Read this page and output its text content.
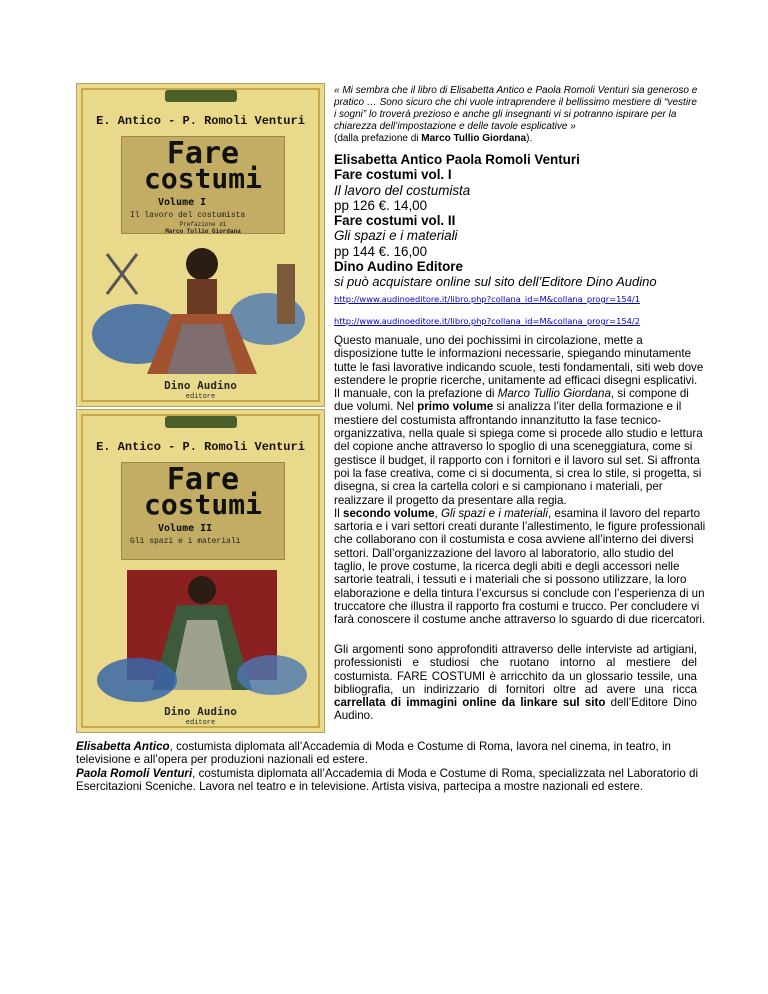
E. Antico - P. Romoli Venturi
Fare
costumi
Volume I
Il lavoro del costumista
Prefazione di
Marco Tullio Giordana
Dino Audino
editore
E. Antico - P. Romoli Venturi
Fare
costumi
Volume II
Gli spazi e i materiali
Dino Audino
editore
« Mi sembra che il libro di Elisabetta Antico e Paola Romoli Venturi sia generoso e pratico … Sono sicuro che chi vuole intraprendere il bellissimo mestiere di “vestire i sogni” lo troverà prezioso e anche gli insegnanti vi si potranno ispirare per la chiarezza dell’impostazione e delle tavole esplicative »
(dalla prefazione di Marco Tullio Giordana).
Elisabetta Antico Paola Romoli Venturi
Fare costumi vol. I
Il lavoro del costumista
pp 126 €. 14,00
Fare costumi vol. II
Gli spazi e i materiali
pp 144 €. 16,00
Dino Audino Editore
si può acquistare online sul sito dell’Editore Dino Audino
http://www.audinoeditore.it/libro.php?collana_id=M&collana_progr=154/1
http://www.audinoeditore.it/libro.php?collana_id=M&collana_progr=154/2
Questo manuale, uno dei pochissimi in circolazione, mette a disposizione tutte le informazioni necessarie, spiegando minutamente tutte le fasi lavorative indicando scuole, testi fondamentali, siti web dove estendere le proprie ricerche, unitamente ad efficaci disegni esplicativi. Il manuale, con la prefazione di Marco Tullio Giordana, si compone di due volumi. Nel primo volume si analizza l’iter della formazione e il mestiere del costumista affrontando innanzitutto la fase tecnico-organizzativa, nella quale si spiega come si procede allo studio e lettura del copione anche attraverso lo spoglio di una sceneggiatura, come si gestisce il budget, il rapporto con i fornitori e il lavoro sul set. Si affronta poi la fase creativa, come ci si documenta, si crea lo stile, si progetta, si disegna, si crea la cartella colori e si campionano i materiali, per realizzare il progetto da presentare alla regia.
Il secondo volume, Gli spazi e i materiali, esamina il lavoro del reparto sartoria e i vari settori creati durante l’allestimento, le figure professionali che collaborano con il costumista e cosa avviene all’interno dei diversi settori. Dall’organizzazione del lavoro al laboratorio, allo studio del taglio, le prove costume, la ricerca degli abiti e degli accessori nelle sartorie teatrali, i tessuti e i materiali che si possono utilizzare, la loro elaborazione e della tintura l’excursus si conclude con l’esperienza di un truccatore che illustra il rapporto fra costumi e trucco. Per concludere vi farà conoscere il costume anche attraverso lo sguardo di due ricercatori.
Gli argomenti sono approfonditi attraverso delle interviste ad artigiani, professionisti e studiosi che ruotano intorno al mestiere del costumista. FARE COSTUMI è arricchito da un glossario tessile, una bibliografia, un indirizzario di fornitori oltre ad avere una ricca carrellata di immagini online da linkare sul sito dell’Editore Dino Audino.
Elisabetta Antico, costumista diplomata all’Accademia di Moda e Costume di Roma, lavora nel cinema, in teatro, in televisione e all’opera per produzioni nazionali ed estere.
Paola Romoli Venturi, costumista diplomata all’Accademia di Moda e Costume di Roma, specializzata nel Laboratorio di Esercitazioni Sceniche. Lavora nel teatro e in televisione. Artista visiva, partecipa a mostre nazionali ed estere.
